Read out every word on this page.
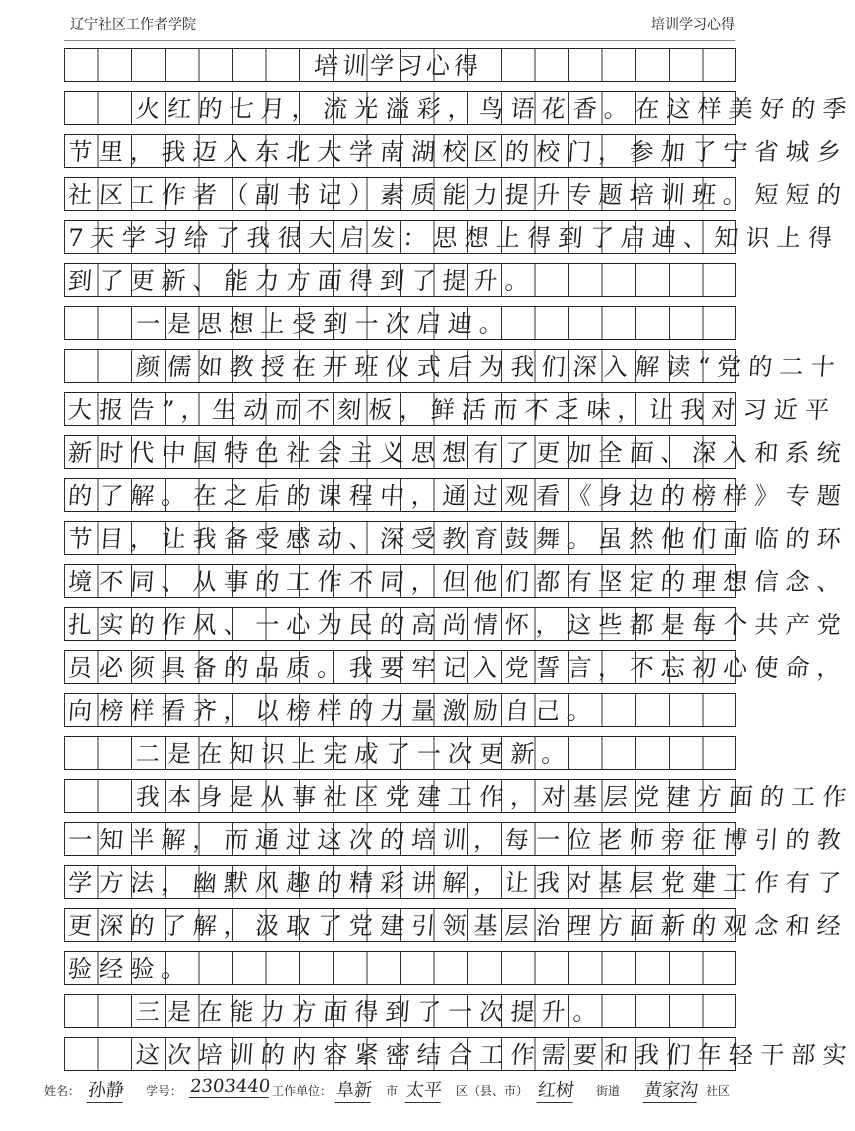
辽宁社区工作者学院	培训学习心得
培训学习心得
火红的七月，流光溢彩，鸟语花香。在这样美好的季
节里，我迈入东北大学南湖校区的校门，参加了宁省城乡
社区工作者（副书记）素质能力提升专题培训班。短短的
7天学习给了我很大启发：思想上得到了启迪、知识上得
到了更新、能力方面得到了提升。
一是思想上受到一次启迪。
颜儒如教授在开班仪式后为我们深入解读“党的二十
大报告”，生动而不刻板，鲜活而不乏味，让我对习近平
新时代中国特色社会主义思想有了更加全面、深入和系统
的了解。在之后的课程中，通过观看《身边的榜样》专题
节目，让我备受感动、深受教育鼓舞。虽然他们面临的环
境不同、从事的工作不同，但他们都有坚定的理想信念、
扎实的作风、一心为民的高尚情怀，这些都是每个共产党
员必须具备的品质。我要牢记入党誓言，不忘初心使命，
向榜样看齐，以榜样的力量激励自己。
二是在知识上完成了一次更新。
我本身是从事社区党建工作，对基层党建方面的工作
一知半解，而通过这次的培训，每一位老师旁征博引的教
学方法，幽默风趣的精彩讲解，让我对基层党建工作有了
更深的了解，汲取了党建引领基层治理方面新的观念和经
验经验。
三是在能力方面得到了一次提升。
这次培训的内容紧密结合工作需要和我们年轻干部实
姓名： 孙静 学号： 2303440 工作单位： 阜新 市 太平 区（县、市） 红树 街道 黄家沟 社区
